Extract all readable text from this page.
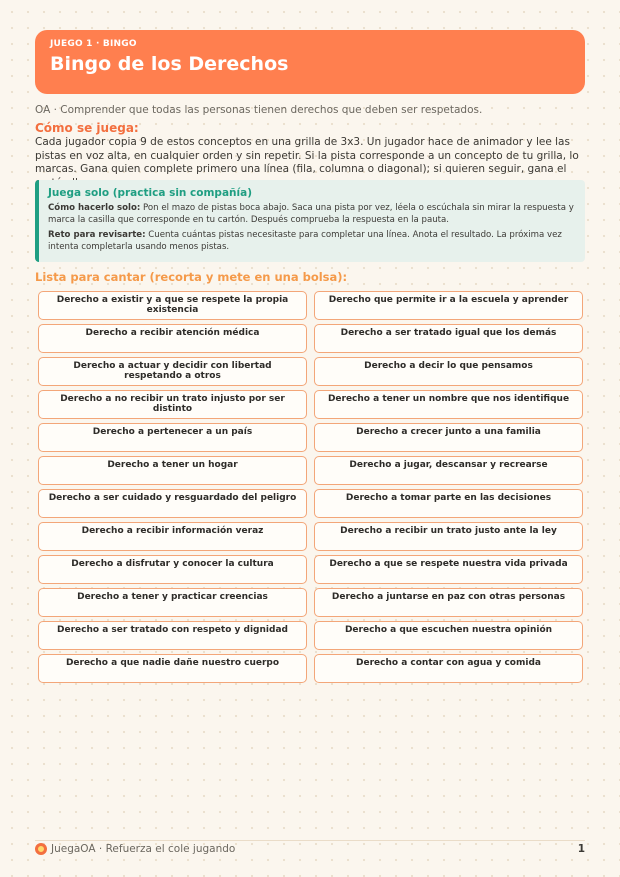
JUEGO 1 · BINGO
Bingo de los Derechos
OA · Comprender que todas las personas tienen derechos que deben ser respetados.
Cómo se juega:
Cada jugador copia 9 de estos conceptos en una grilla de 3x3. Un jugador hace de animador y lee las pistas en voz alta, en cualquier orden y sin repetir. Si la pista corresponde a un concepto de tu grilla, lo marcas. Gana quien complete primero una línea (fila, columna o diagonal); si quieren seguir, gana el
Juega solo (practica sin compañía)
Cómo hacerlo solo: Pon el mazo de pistas boca abajo. Saca una pista por vez, léela o escúchala sin mirar la respuesta y marca la casilla que corresponde en tu cartón. Después comprueba la respuesta en la pauta.
Reto para revisarte: Cuenta cuántas pistas necesitaste para completar una línea. Anota el resultado. La próxima vez intenta completarla usando menos pistas.
Lista para cantar (recorta y mete en una bolsa):
Derecho a existir y a que se respete la propia existencia
Derecho que permite ir a la escuela y aprender
Derecho a recibir atención médica	Derecho a ser tratado igual que los demás
Derecho a actuar y decidir con libertad respetando a otros
Derecho a decir lo que pensamos
Derecho a no recibir un trato injusto por ser distinto
Derecho a tener un nombre que nos identifique
Derecho a pertenecer a un país	Derecho a crecer junto a una familia
Derecho a tener un hogar	Derecho a jugar, descansar y recrearse
Derecho a ser cuidado y resguardado del peligro	Derecho a tomar parte en las decisiones
Derecho a recibir información veraz	Derecho a recibir un trato justo ante la ley
Derecho a disfrutar y conocer la cultura	Derecho a que se respete nuestra vida privada
Derecho a tener y practicar creencias	Derecho a juntarse en paz con otras personas
Derecho a ser tratado con respeto y dignidad	Derecho a que escuchen nuestra opinión
Derecho a que nadie dañe nuestro cuerpo	Derecho a contar con agua y comida
JuegaOA · Refuerza el cole jugando	1
